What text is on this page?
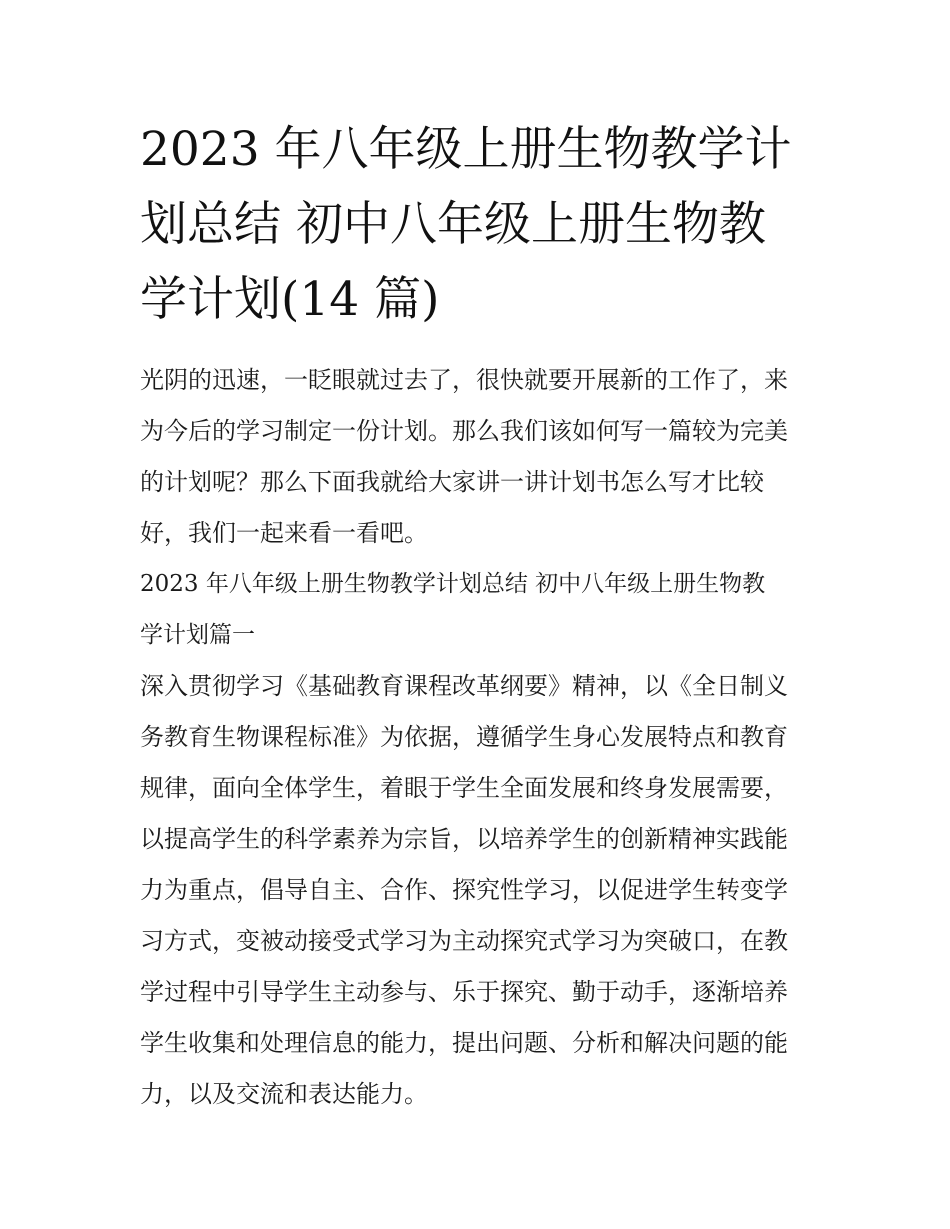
2023 年八年级上册生物教学计
划总结 初中八年级上册生物教
学计划(14 篇)

光阴的迅速，一眨眼就过去了，很快就要开展新的工作了，来
为今后的学习制定一份计划。那么我们该如何写一篇较为完美
的计划呢？那么下面我就给大家讲一讲计划书怎么写才比较
好，我们一起来看一看吧。

2023 年八年级上册生物教学计划总结 初中八年级上册生物教
学计划篇一

深入贯彻学习《基础教育课程改革纲要》精神，以《全日制义
务教育生物课程标准》为依据，遵循学生身心发展特点和教育
规律，面向全体学生，着眼于学生全面发展和终身发展需要，
以提高学生的科学素养为宗旨，以培养学生的创新精神实践能
力为重点，倡导自主、合作、探究性学习，以促进学生转变学
习方式，变被动接受式学习为主动探究式学习为突破口，在教
学过程中引导学生主动参与、乐于探究、勤于动手，逐渐培养
学生收集和处理信息的能力，提出问题、分析和解决问题的能
力，以及交流和表达能力。
